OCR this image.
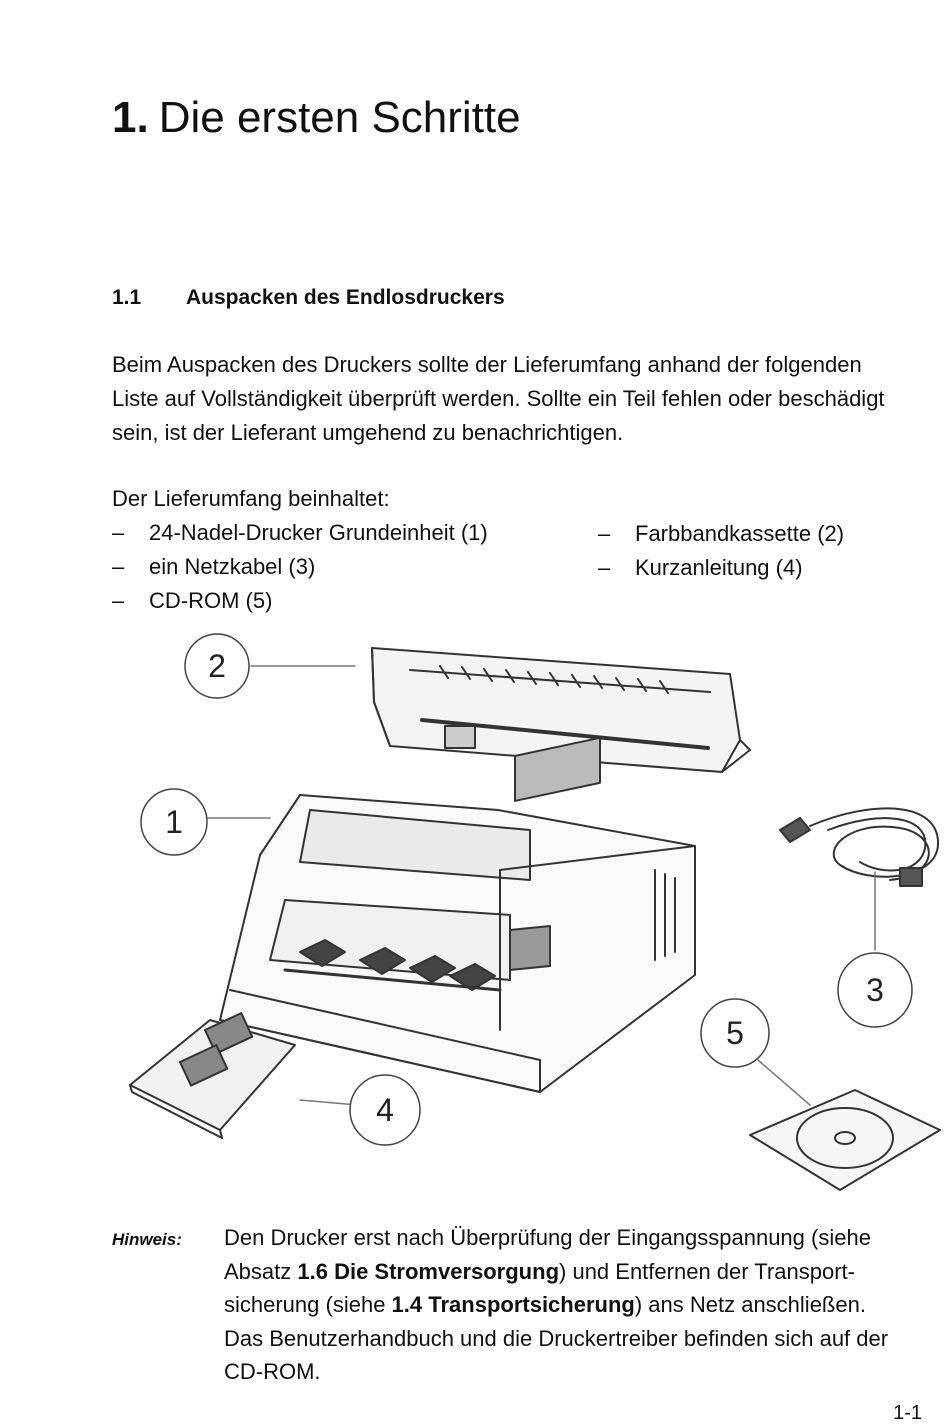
1. Die ersten Schritte
1.1 Auspacken des Endlosdruckers

Beim Auspacken des Druckers sollte der Lieferumfang anhand der folgenden
Liste auf Vollständigkeit überprüft werden. Sollte ein Teil fehlen oder beschädigt
sein, ist der Lieferant umgehend zu benachrichtigen.

Der Lieferumfang beinhaltet:

– 24-Nadel-Drucker Grundeinheit (1)
– ein Netzkabel (3)
– CD-ROM (5)
– Farbbandkassette (2)
– Kurzanleitung (4)
1
2
3
4
5
Hinweis: Den Drucker erst nach Überprüfung der Eingangsspannung (siehe
Absatz 1.6 Die Stromversorgung) und Entfernen der Transport-
sicherung (siehe 1.4 Transportsicherung) ans Netz anschließen.
Das Benutzerhandbuch und die Druckertreiber befinden sich auf der
CD-ROM.

1-1
